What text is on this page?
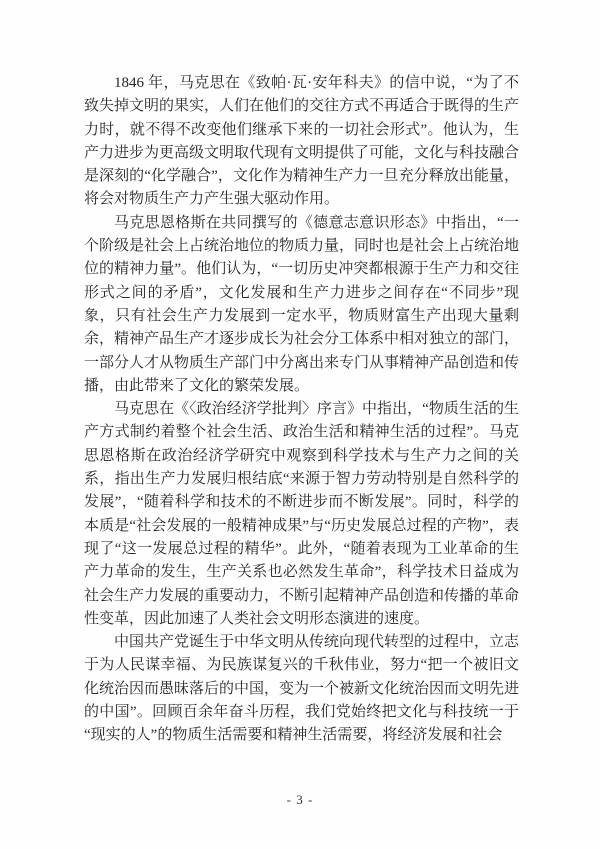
1846 年，马克思在《致帕·瓦·安年科夫》的信中说，“为了不致失掉文明的果实，人们在他们的交往方式不再适合于既得的生产力时，就不得不改变他们继承下来的一切社会形式”。他认为，生产力进步为更高级文明取代现有文明提供了可能，文化与科技融合是深刻的“化学融合”，文化作为精神生产力一旦充分释放出能量，将会对物质生产力产生强大驱动作用。

马克思恩格斯在共同撰写的《德意志意识形态》中指出，“一个阶级是社会上占统治地位的物质力量，同时也是社会上占统治地位的精神力量”。他们认为，“一切历史冲突都根源于生产力和交往形式之间的矛盾”，文化发展和生产力进步之间存在“不同步”现象，只有社会生产力发展到一定水平，物质财富生产出现大量剩余，精神产品生产才逐步成长为社会分工体系中相对独立的部门，一部分人才从物质生产部门中分离出来专门从事精神产品创造和传播，由此带来了文化的繁荣发展。

马克思在《〈政治经济学批判〉序言》中指出，“物质生活的生产方式制约着整个社会生活、政治生活和精神生活的过程”。马克思恩格斯在政治经济学研究中观察到科学技术与生产力之间的关系，指出生产力发展归根结底“来源于智力劳动特别是自然科学的发展”，“随着科学和技术的不断进步而不断发展”。同时，科学的本质是“社会发展的一般精神成果”与“历史发展总过程的产物”，表现了“这一发展总过程的精华”。此外，“随着表现为工业革命的生产力革命的发生，生产关系也必然发生革命”，科学技术日益成为社会生产力发展的重要动力，不断引起精神产品创造和传播的革命性变革，因此加速了人类社会文明形态演进的速度。

中国共产党诞生于中华文明从传统向现代转型的过程中，立志于为人民谋幸福、为民族谋复兴的千秋伟业，努力“把一个被旧文化统治因而愚昧落后的中国，变为一个被新文化统治因而文明先进的中国”。回顾百余年奋斗历程，我们党始终把文化与科技统一于“现实的人”的物质生活需要和精神生活需要，将经济发展和社会

- 3 -
